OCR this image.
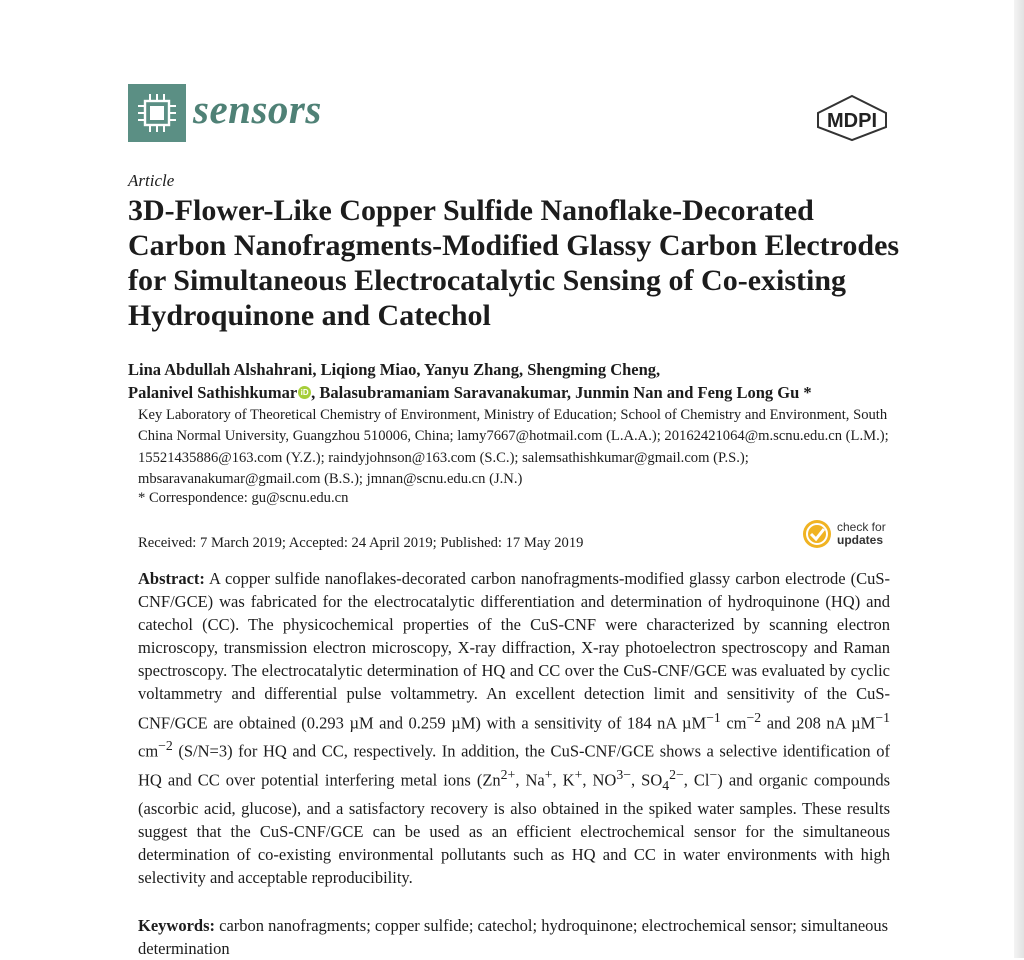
sensors	MDPI
Article
3D-Flower-Like Copper Sulfide Nanoflake-Decorated Carbon Nanofragments-Modified Glassy Carbon Electrodes for Simultaneous Electrocatalytic Sensing of Co-existing Hydroquinone and Catechol
Lina Abdullah Alshahrani, Liqiong Miao, Yanyu Zhang, Shengming Cheng,
Palanivel Sathishkumar iD , Balasubramaniam Saravanakumar, Junmin Nan and Feng Long Gu *
Key Laboratory of Theoretical Chemistry of Environment, Ministry of Education; School of Chemistry and Environment, South China Normal University, Guangzhou 510006, China; lamy7667@hotmail.com (L.A.A.); 20162421064@m.scnu.edu.cn (L.M.); 15521435886@163.com (Y.Z.); raindyjohnson@163.com (S.C.); salemsathishkumar@gmail.com (P.S.); mbsaravanakumar@gmail.com (B.S.); jmnan@scnu.edu.cn (J.N.)
* Correspondence: gu@scnu.edu.cn
check for
updates
Received: 7 March 2019; Accepted: 24 April 2019; Published: 17 May 2019

Abstract: A copper sulfide nanoflakes-decorated carbon nanofragments-modified glassy carbon electrode (CuS-CNF/GCE) was fabricated for the electrocatalytic differentiation and determination of hydroquinone (HQ) and catechol (CC). The physicochemical properties of the CuS-CNF were characterized by scanning electron microscopy, transmission electron microscopy, X-ray diffraction, X-ray photoelectron spectroscopy and Raman spectroscopy. The electrocatalytic determination of HQ and CC over the CuS-CNF/GCE was evaluated by cyclic voltammetry and differential pulse voltammetry. An excellent detection limit and sensitivity of the CuS-CNF/GCE are obtained (0.293 µM and 0.259 µM) with a sensitivity of 184 nA µM$^{-1}$ $cm^{-2}$ and 208 nA µM$^{-1}$ $cm^{-2}$ (S/N=3) for HQ and CC, respectively. In addition, the CuS-CNF/GCE shows a selective identification of HQ and CC over potential interfering metal ions ($Zn^{2+}$, Na+, K+, $NO^{3-}$, $SO_4^{2-}$, Cl−) and organic compounds (ascorbic acid, glucose), and a satisfactory recovery is also obtained in the spiked water samples. These results suggest that the CuS-CNF/GCE can be used as an efficient electrochemical sensor for the simultaneous determination of co-existing environmental pollutants such as HQ and CC in water environments with high selectivity and acceptable reproducibility.

Keywords: carbon nanofragments; copper sulfide; catechol; hydroquinone; electrochemical sensor; simultaneous determination
